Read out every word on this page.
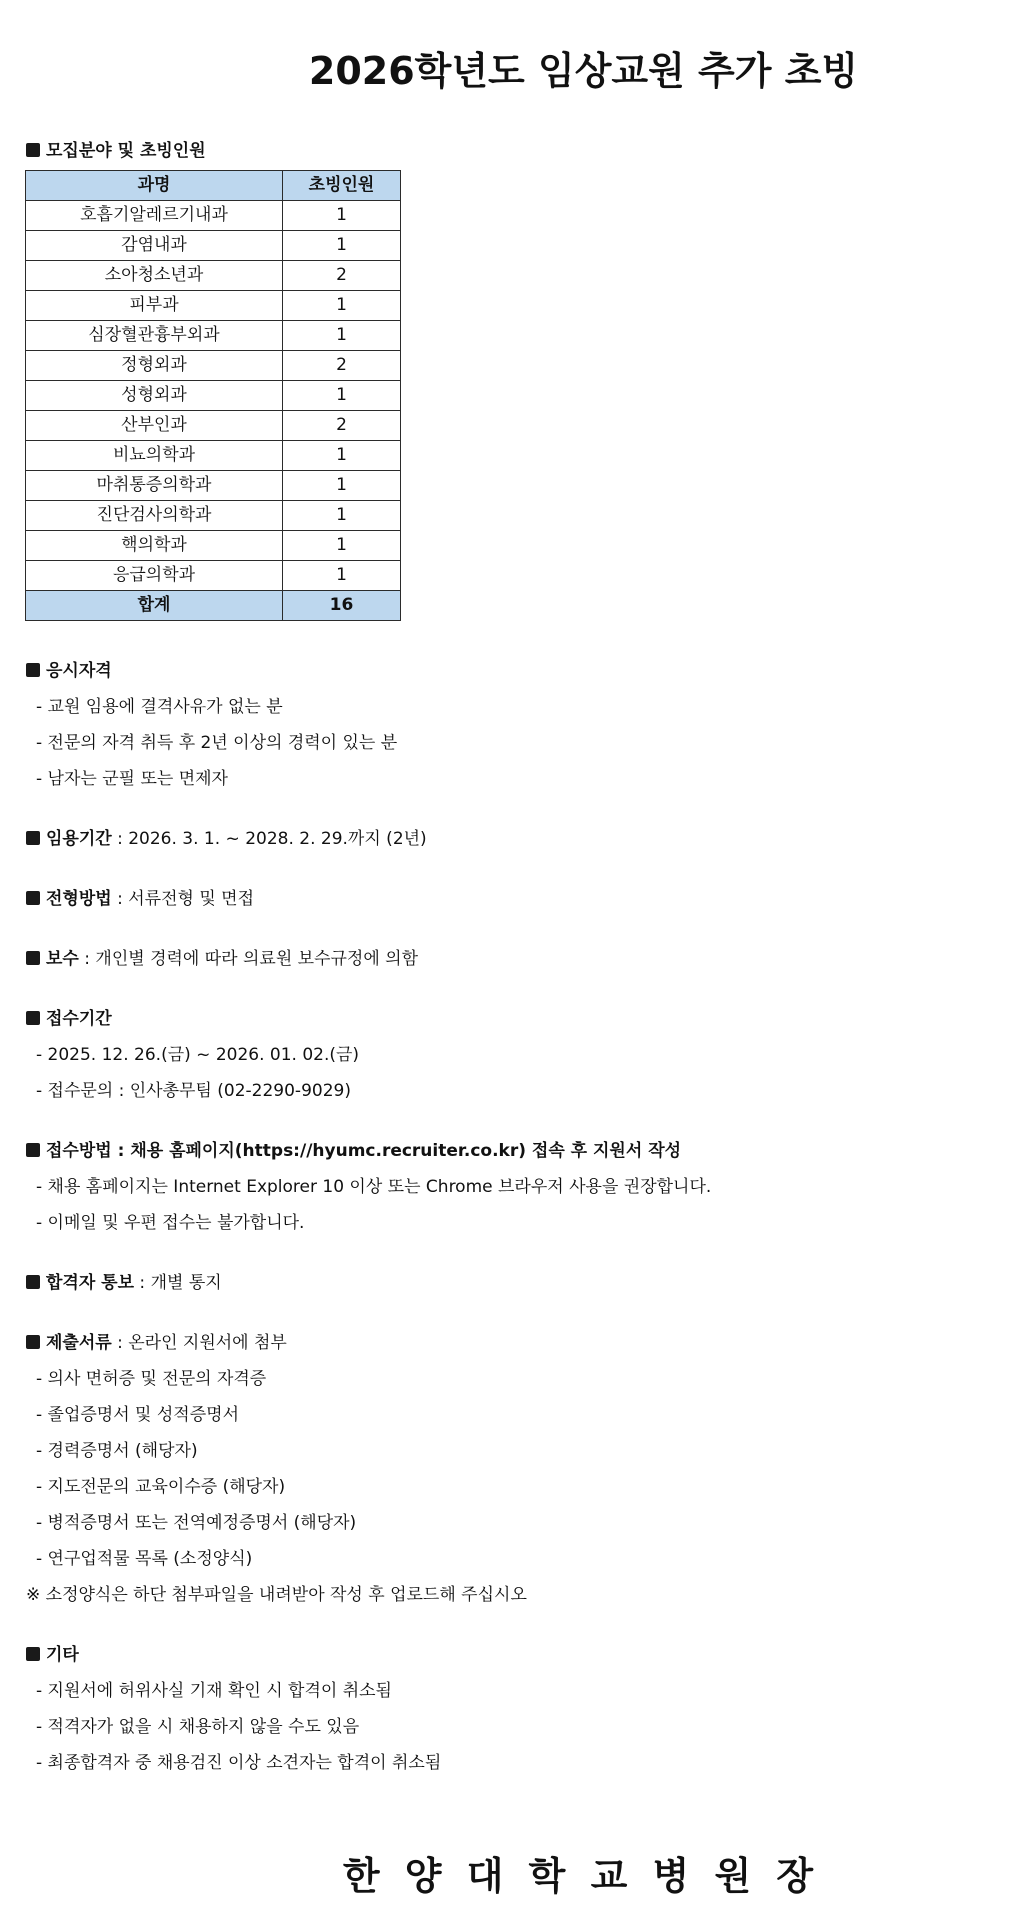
2026학년도 임상교원 추가 초빙
모집분야 및 초빙인원
과명	초빙인원
호흡기알레르기내과	1
감염내과	1
소아청소년과	2
피부과	1
심장혈관흉부외과	1
정형외과	2
성형외과	1
산부인과	2
비뇨의학과	1
마취통증의학과	1
진단검사의학과	1
핵의학과	1
응급의학과	1
합계	16
응시자격
- 교원 임용에 결격사유가 없는 분
- 전문의 자격 취득 후 2년 이상의 경력이 있는 분
- 남자는 군필 또는 면제자
임용기간 : 2026. 3. 1. ~ 2028. 2. 29.까지 (2년)
전형방법 : 서류전형 및 면접
보수 : 개인별 경력에 따라 의료원 보수규정에 의함
접수기간
- 2025. 12. 26.(금) ~ 2026. 01. 02.(금)
- 접수문의 : 인사총무팀 (02-2290-9029)
접수방법 : 채용 홈페이지(https://hyumc.recruiter.co.kr) 접속 후 지원서 작성
- 채용 홈페이지는 Internet Explorer 10 이상 또는 Chrome 브라우저 사용을 권장합니다.
- 이메일 및 우편 접수는 불가합니다.
합격자 통보 : 개별 통지
제출서류 : 온라인 지원서에 첨부
- 의사 면허증 및 전문의 자격증
- 졸업증명서 및 성적증명서
- 경력증명서 (해당자)
- 지도전문의 교육이수증 (해당자)
- 병적증명서 또는 전역예정증명서 (해당자)
- 연구업적물 목록 (소정양식)
※ 소정양식은 하단 첨부파일을 내려받아 작성 후 업로드해 주십시오
기타
- 지원서에 허위사실 기재 확인 시 합격이 취소됨
- 적격자가 없을 시 채용하지 않을 수도 있음
- 최종합격자 중 채용검진 이상 소견자는 합격이 취소됨
한 양 대 학 교 병 원 장
